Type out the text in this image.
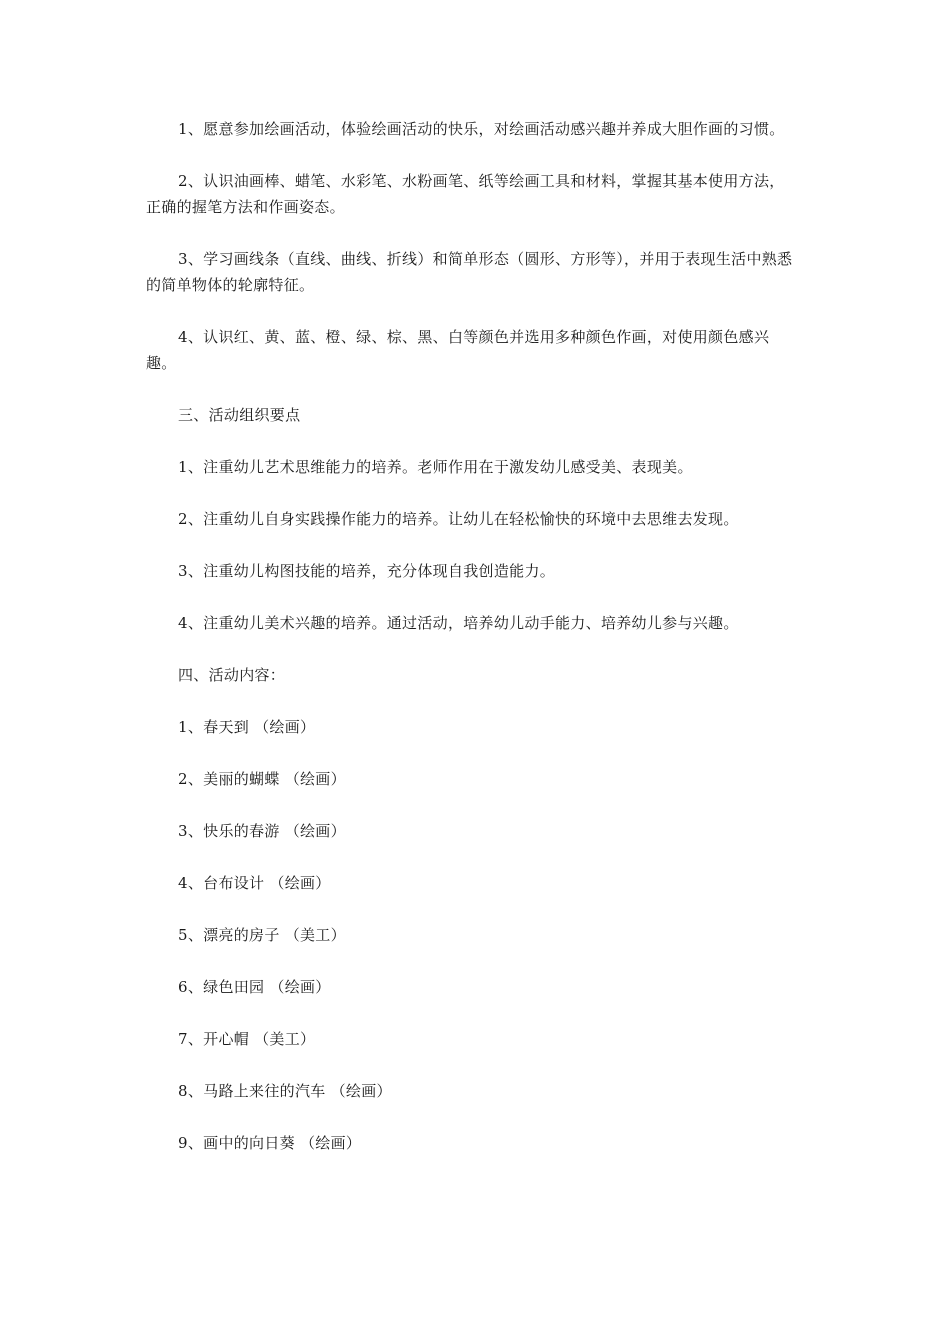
1、愿意参加绘画活动，体验绘画活动的快乐，对绘画活动感兴趣并养成大胆作画的习惯。

2、认识油画棒、蜡笔、水彩笔、水粉画笔、纸等绘画工具和材料，掌握其基本使用方法，正确的握笔方法和作画姿态。

3、学习画线条（直线、曲线、折线）和简单形态（圆形、方形等），并用于表现生活中熟悉的简单物体的轮廓特征。

4、认识红、黄、蓝、橙、绿、棕、黑、白等颜色并选用多种颜色作画，对使用颜色感兴趣。

三、活动组织要点

1、注重幼儿艺术思维能力的培养。老师作用在于激发幼儿感受美、表现美。

2、注重幼儿自身实践操作能力的培养。让幼儿在轻松愉快的环境中去思维去发现。

3、注重幼儿构图技能的培养，充分体现自我创造能力。

4、注重幼儿美术兴趣的培养。通过活动，培养幼儿动手能力、培养幼儿参与兴趣。

四、活动内容：

1、春天到 （绘画）

2、美丽的蝴蝶 （绘画）

3、快乐的春游 （绘画）

4、台布设计 （绘画）

5、漂亮的房子 （美工）

6、绿色田园 （绘画）

7、开心帽 （美工）

8、马路上来往的汽车 （绘画）

9、画中的向日葵 （绘画）
